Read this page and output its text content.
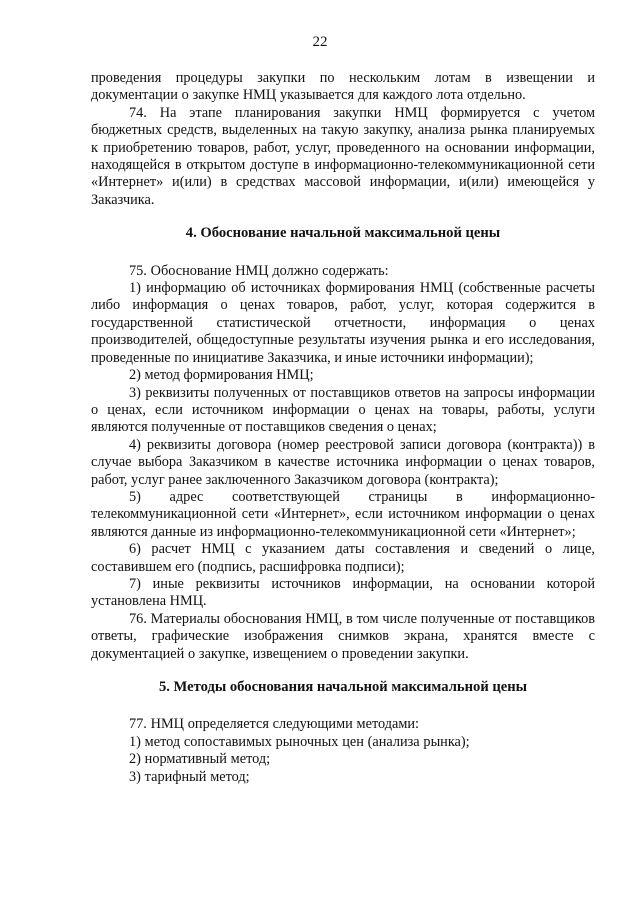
22

проведения процедуры закупки по нескольким лотам в извещении и документации о закупке НМЦ указывается для каждого лота отдельно.

74. На этапе планирования закупки НМЦ формируется с учетом бюджетных средств, выделенных на такую закупку, анализа рынка планируемых к приобретению товаров, работ, услуг, проведенного на основании информации, находящейся в открытом доступе в информационно-телекоммуникационной сети «Интернет» и(или) в средствах массовой информации, и(или) имеющейся у Заказчика.

4. Обоснование начальной максимальной цены

75. Обоснование НМЦ должно содержать:

1) информацию об источниках формирования НМЦ (собственные расчеты либо информация о ценах товаров, работ, услуг, которая содержится в государственной статистической отчетности, информация о ценах производителей, общедоступные результаты изучения рынка и его исследования, проведенные по инициативе Заказчика, и иные источники информации);

2) метод формирования НМЦ;

3) реквизиты полученных от поставщиков ответов на запросы информации о ценах, если источником информации о ценах на товары, работы, услуги являются полученные от поставщиков сведения о ценах;

4) реквизиты договора (номер реестровой записи договора (контракта)) в случае выбора Заказчиком в качестве источника информации о ценах товаров, работ, услуг ранее заключенного Заказчиком договора (контракта);

5) адрес соответствующей страницы в информационно-телекоммуникационной сети «Интернет», если источником информации о ценах являются данные из информационно-телекоммуникационной сети «Интернет»;

6) расчет НМЦ с указанием даты составления и сведений о лице, составившем его (подпись, расшифровка подписи);

7) иные реквизиты источников информации, на основании которой установлена НМЦ.

76. Материалы обоснования НМЦ, в том числе полученные от поставщиков ответы, графические изображения снимков экрана, хранятся вместе с документацией о закупке, извещением о проведении закупки.

5. Методы обоснования начальной максимальной цены

77. НМЦ определяется следующими методами:

1) метод сопоставимых рыночных цен (анализа рынка);

2) нормативный метод;

3) тарифный метод;
